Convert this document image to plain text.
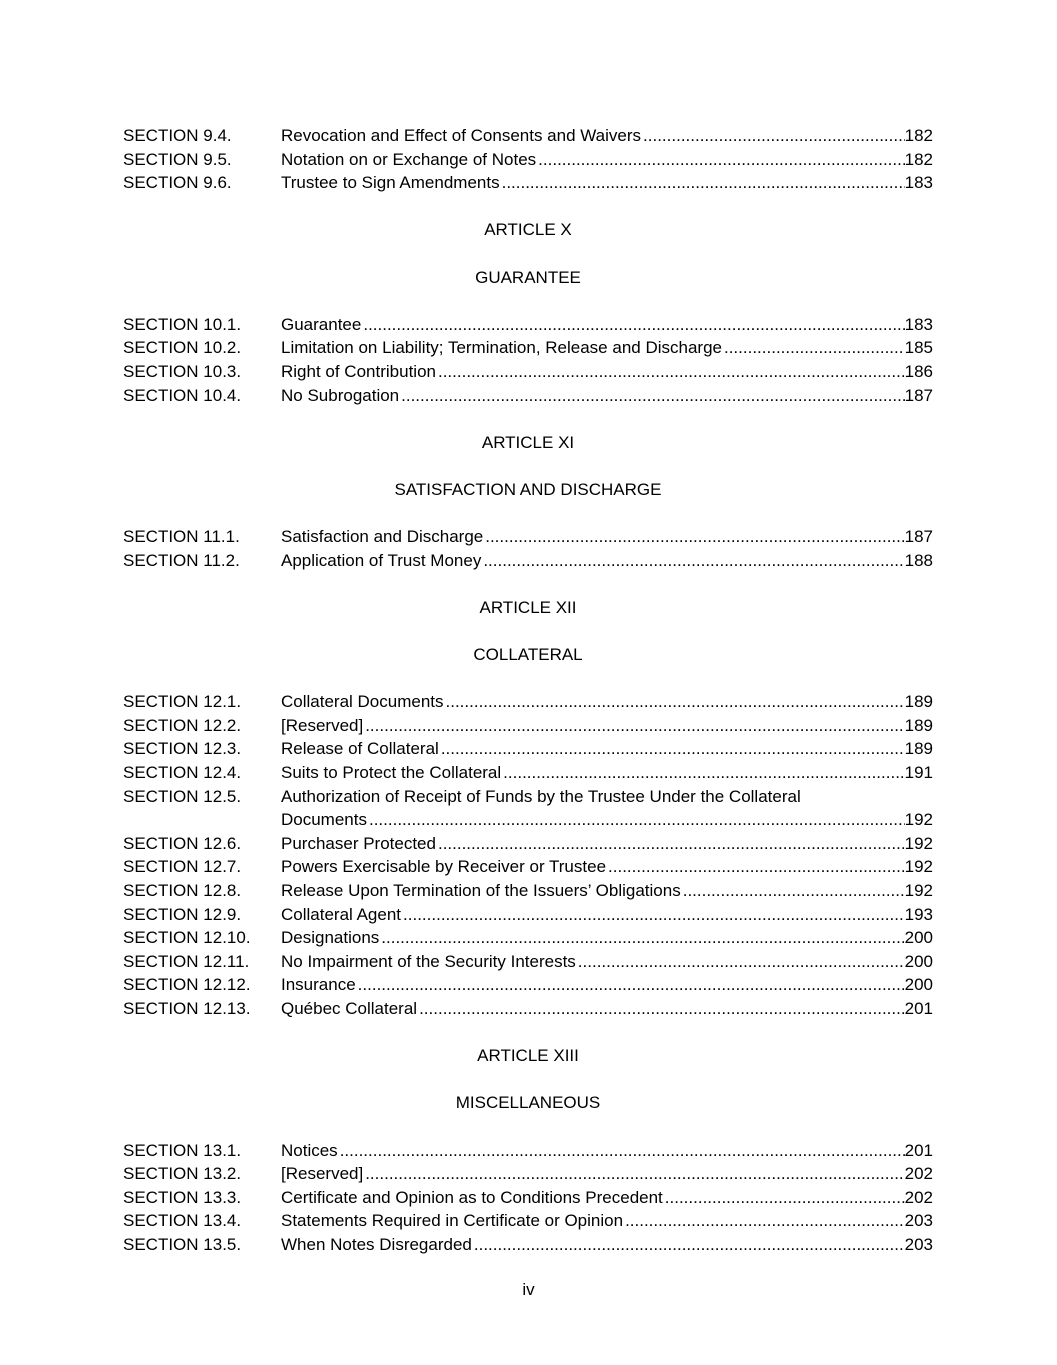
SECTION 9.4.	Revocation and Effect of Consents and Waivers .....	182
SECTION 9.5.	Notation on or Exchange of Notes .....	182
SECTION 9.6.	Trustee to Sign Amendments .....	183
ARTICLE X
GUARANTEE
SECTION 10.1.	Guarantee .....	183
SECTION 10.2.	Limitation on Liability; Termination, Release and Discharge .....	185
SECTION 10.3.	Right of Contribution .....	186
SECTION 10.4.	No Subrogation .....	187
ARTICLE XI
SATISFACTION AND DISCHARGE
SECTION 11.1.	Satisfaction and Discharge .....	187
SECTION 11.2.	Application of Trust Money .....	188
ARTICLE XII
COLLATERAL
SECTION 12.1.	Collateral Documents .....	189
SECTION 12.2.	[Reserved] .....	189
SECTION 12.3.	Release of Collateral .....	189
SECTION 12.4.	Suits to Protect the Collateral .....	191
SECTION 12.5.	Authorization of Receipt of Funds by the Trustee Under the Collateral
Documents .....	192
SECTION 12.6.	Purchaser Protected .....	192
SECTION 12.7.	Powers Exercisable by Receiver or Trustee .....	192
SECTION 12.8.	Release Upon Termination of the Issuers’ Obligations .....	192
SECTION 12.9.	Collateral Agent .....	193
SECTION 12.10.	Designations .....	200
SECTION 12.11.	No Impairment of the Security Interests .....	200
SECTION 12.12.	Insurance .....	200
SECTION 12.13.	Québec Collateral .....	201
ARTICLE XIII
MISCELLANEOUS
SECTION 13.1.	Notices .....	201
SECTION 13.2.	[Reserved] .....	202
SECTION 13.3.	Certificate and Opinion as to Conditions Precedent .....	202
SECTION 13.4.	Statements Required in Certificate or Opinion .....	203
SECTION 13.5.	When Notes Disregarded .....	203
iv
